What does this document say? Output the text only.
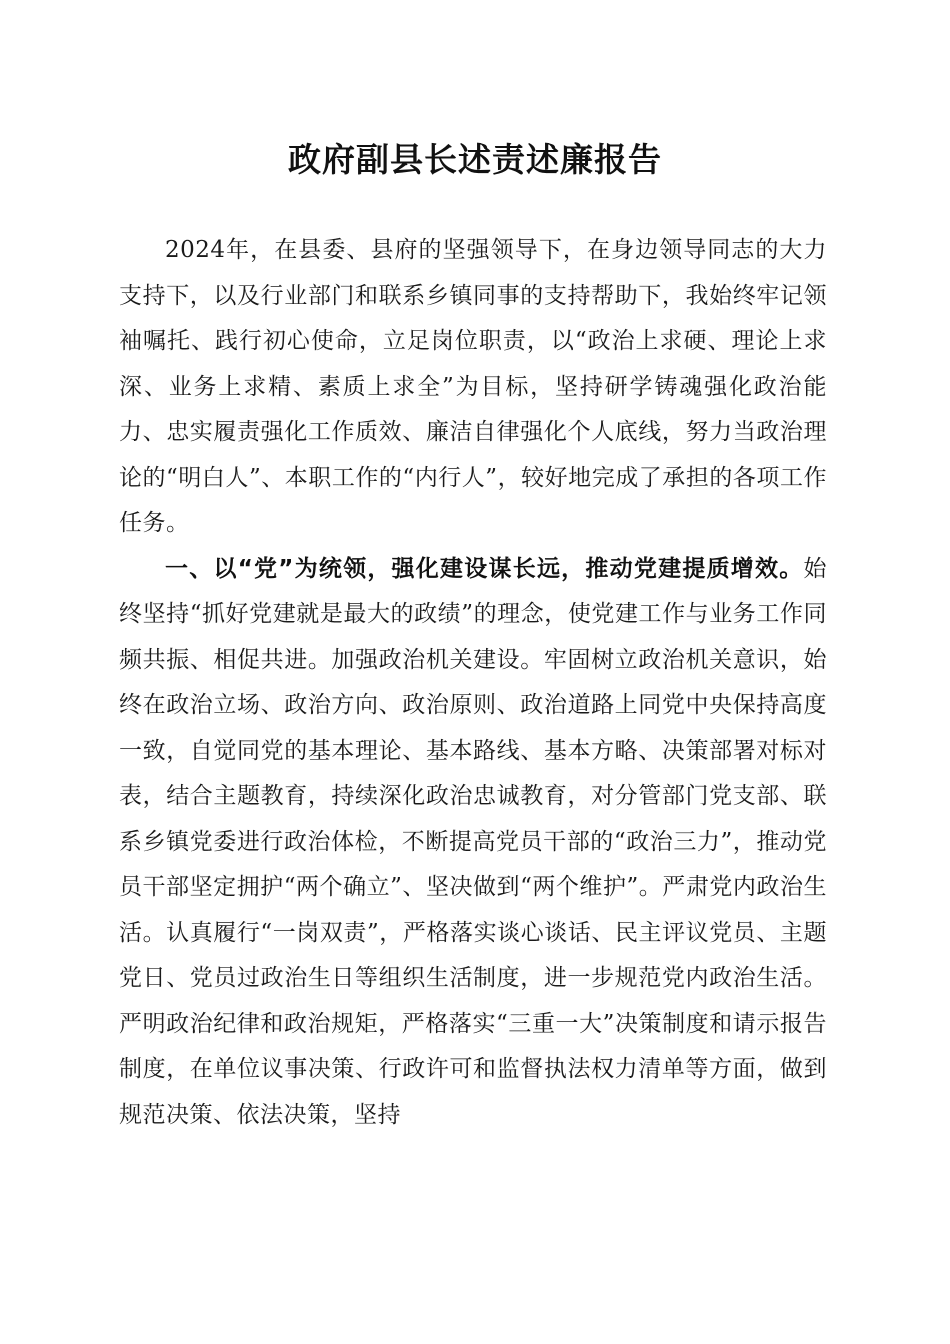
政府副县长述责述廉报告

2024年，在县委、县府的坚强领导下，在身边领导同志的大力支持下，以及行业部门和联系乡镇同事的支持帮助下，我始终牢记领袖嘱托、践行初心使命，立足岗位职责，以“政治上求硬、理论上求深、业务上求精、素质上求全”为目标，坚持研学铸魂强化政治能力、忠实履责强化工作质效、廉洁自律强化个人底线，努力当政治理论的“明白人”、本职工作的“内行人”，较好地完成了承担的各项工作任务。

一、以“党”为统领，强化建设谋长远，推动党建提质增效。始终坚持“抓好党建就是最大的政绩”的理念，使党建工作与业务工作同频共振、相促共进。加强政治机关建设。牢固树立政治机关意识，始终在政治立场、政治方向、政治原则、政治道路上同党中央保持高度一致，自觉同党的基本理论、基本路线、基本方略、决策部署对标对表，结合主题教育，持续深化政治忠诚教育，对分管部门党支部、联系乡镇党委进行政治体检，不断提高党员干部的“政治三力”，推动党员干部坚定拥护“两个确立”、坚决做到“两个维护”。严肃党内政治生活。认真履行“一岗双责”，严格落实谈心谈话、民主评议党员、主题党日、党员过政治生日等组织生活制度，进一步规范党内政治生活。严明政治纪律和政治规矩，严格落实“三重一大”决策制度和请示报告制度，在单位议事决策、行政许可和监督执法权力清单等方面，做到规范决策、依法决策，坚持
